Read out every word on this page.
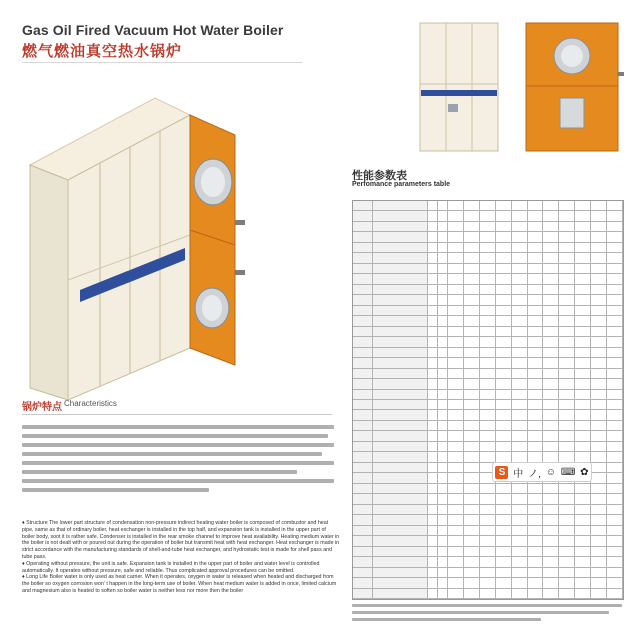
Gas Oil Fired Vacuum Hot Water Boiler
燃气燃油真空热水锅炉
锅炉特点 Characteristics

♦ Structure The lower part structure of condensation non-pressure indirect heating water boiler is composed of combustor and heat pipe, same as that of ordinary boiler, heat exchanger is installed in the top half, and expansion tank is installed in the upper part of boiler body, soot it is rather safe. Condenser is installed in the rear smoke channel to improve heat availability. Heating medium water in the boiler is not dealt with or poured out during the operation of boiler but transmit heat with heat exchanger. Heat exchanger is made in strict accordance with the manufacturing standards of shell-and-tube heat exchanger, and hydrostatic test is made for shell pass and tube pass.

♦ Operating without pressure, the unit is safe. Expansion tank is installed in the upper part of boiler and water level is controlled automatically. It operates without pressure, safe and reliable. Thus complicated approval procedures can be omitted.

♦ Long Life Boiler water is only used as heat carrier. When it operates, oxygen in water is released when heated and discharged from the boiler so oxygen corrosion won' t happen in the long-term use of boiler. When heat medium water is added in once, limited calcium and magnesium also is heated to soften so boiler water is neither less nor more then the boiler

性能参数表
Perfomance parameters table
S 中 ノ, ☺ ⌨ ✿
